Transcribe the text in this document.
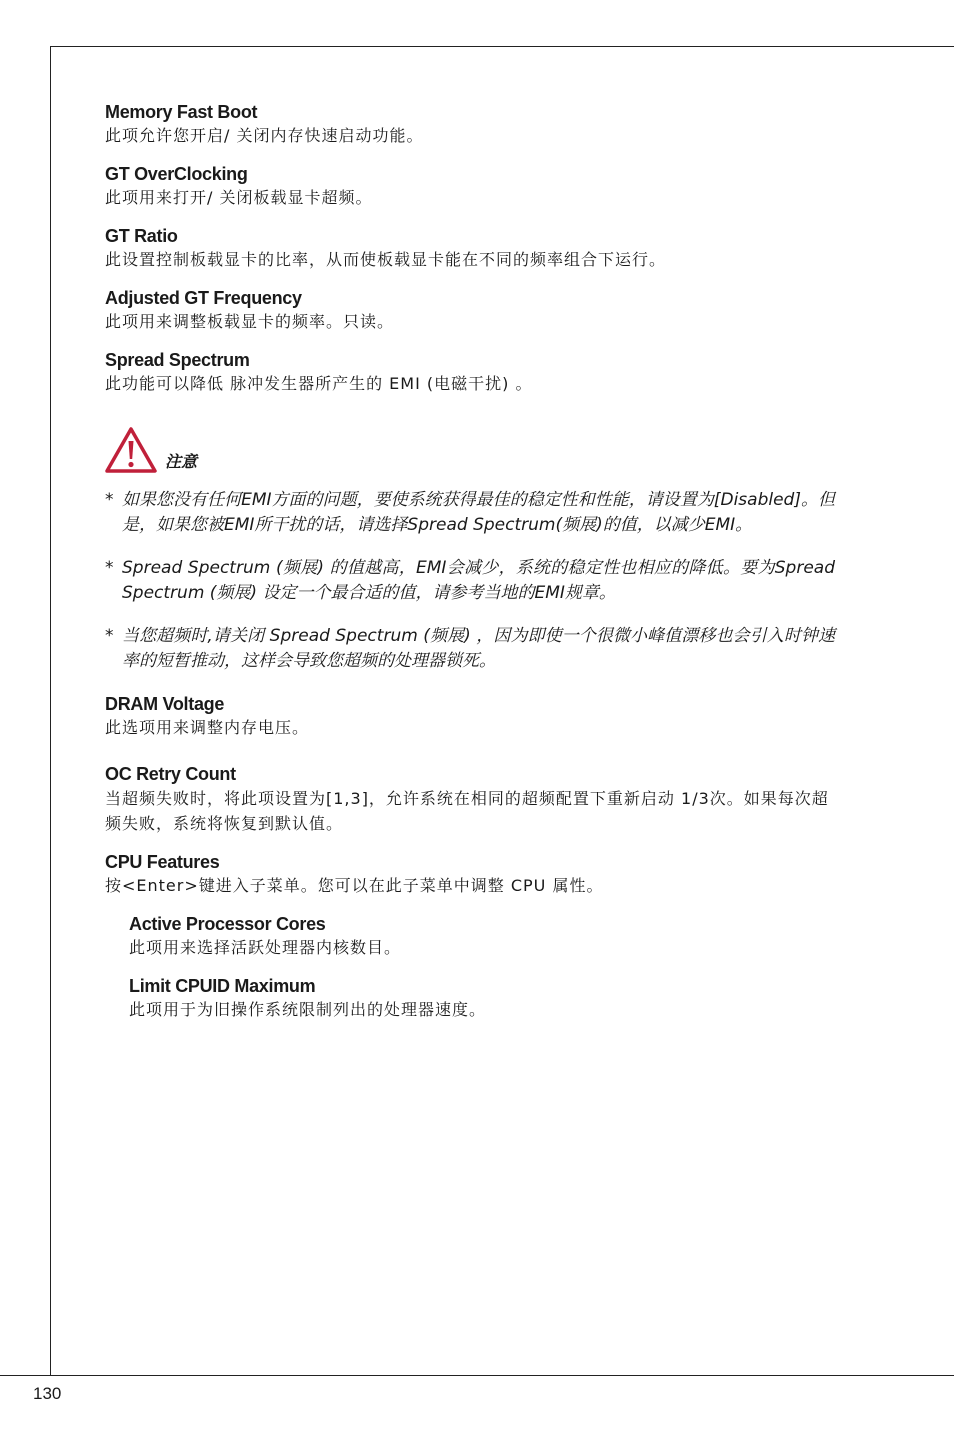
130
Memory Fast Boot
此项允许您开启/ 关闭内存快速启动功能。
GT OverClocking
此项用来打开/ 关闭板载显卡超频。
GT Ratio
此设置控制板载显卡的比率，从而使板载显卡能在不同的频率组合下运行。
Adjusted GT Frequency
此项用来调整板载显卡的频率。只读。
Spread Spectrum
此功能可以降低 脉冲发生器所产生的 EMI (电磁干扰) 。
注意
* 如果您没有任何EMI方面的问题，要使系统获得最佳的稳定性和性能，请设置为[Disabled]。但是，如果您被EMI所干扰的话，请选择Spread Spectrum(频展)的值，以减少EMI。
* Spread Spectrum (频展) 的值越高，EMI会减少，系统的稳定性也相应的降低。要为Spread Spectrum (频展) 设定一个最合适的值，请参考当地的EMI规章。
* 当您超频时,请关闭 Spread Spectrum (频展) ，因为即使一个很微小峰值漂移也会引入时钟速率的短暂推动，这样会导致您超频的处理器锁死。
DRAM Voltage
此选项用来调整内存电压。
OC Retry Count
当超频失败时，将此项设置为[1,3]，允许系统在相同的超频配置下重新启动 1/3次。如果每次超频失败，系统将恢复到默认值。
CPU Features
按<Enter>键进入子菜单。您可以在此子菜单中调整 CPU 属性。
Active Processor Cores
此项用来选择活跃处理器内核数目。
Limit CPUID Maximum
此项用于为旧操作系统限制列出的处理器速度。
